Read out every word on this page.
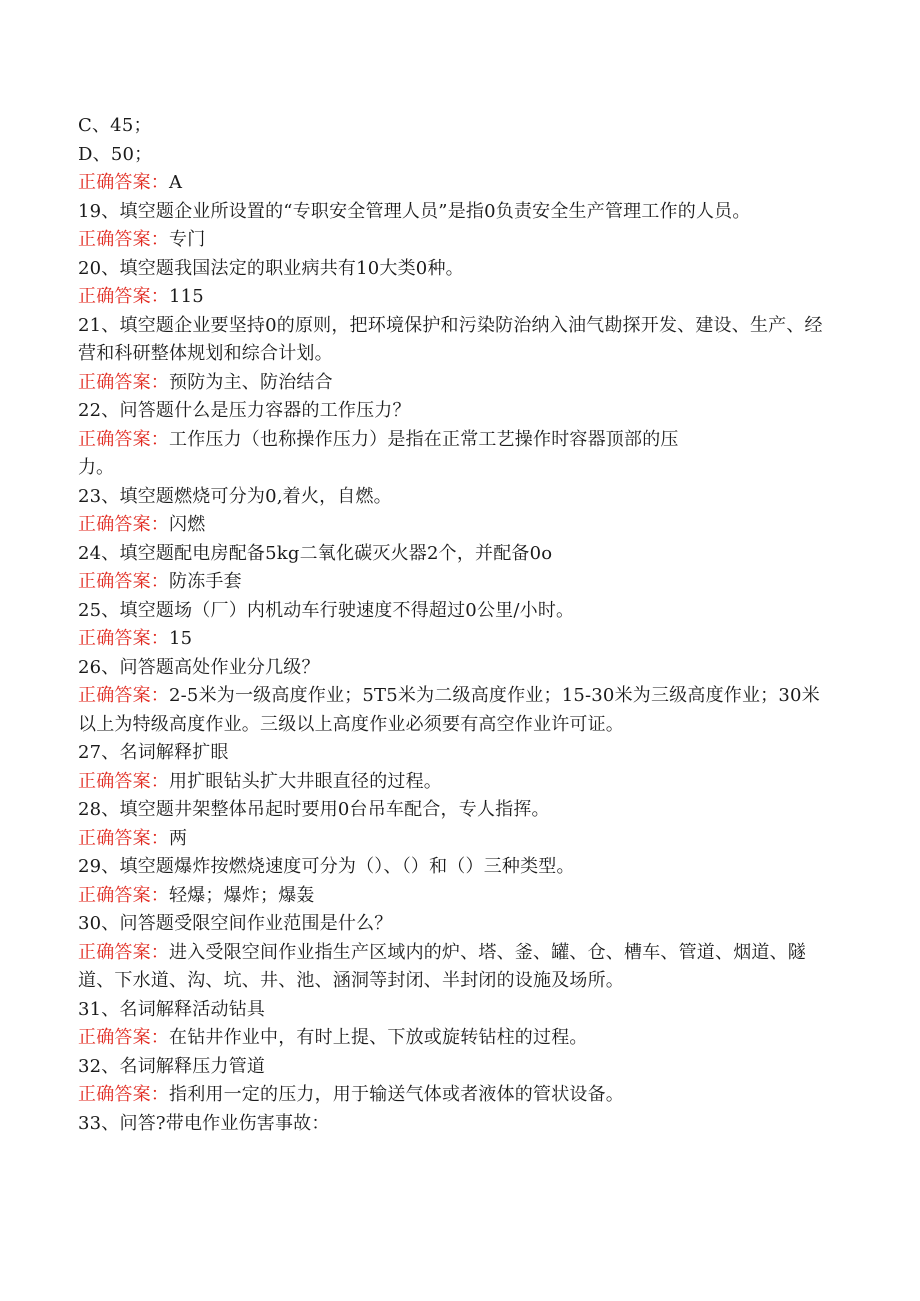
C、45；
D、50；
正确答案：A
19、填空题企业所设置的“专职安全管理人员”是指0负责安全生产管理工作的人员。
正确答案：专门
20、填空题我国法定的职业病共有10大类0种。
正确答案：115
21、填空题企业要坚持0的原则，把环境保护和污染防治纳入油气勘探开发、建设、生产、经营和科研整体规划和综合计划。
正确答案：预防为主、防治结合
22、问答题什么是压力容器的工作压力？
正确答案：工作压力（也称操作压力）是指在正常工艺操作时容器顶部的压
力。
23、填空题燃烧可分为0,着火，自燃。
正确答案：闪燃
24、填空题配电房配备5kg二氧化碳灭火器2个，并配备0o
正确答案：防冻手套
25、填空题场（厂）内机动车行驶速度不得超过0公里/小时。
正确答案：15
26、问答题高处作业分几级？
正确答案：2-5米为一级高度作业；5T5米为二级高度作业；15-30米为三级高度作业；30米以上为特级高度作业。三级以上高度作业必须要有高空作业许可证。
27、名词解释扩眼
正确答案：用扩眼钻头扩大井眼直径的过程。
28、填空题井架整体吊起时要用0台吊车配合，专人指挥。
正确答案：两
29、填空题爆炸按燃烧速度可分为（）、（）和（）三种类型。
正确答案：轻爆；爆炸；爆轰
30、问答题受限空间作业范围是什么？
正确答案：进入受限空间作业指生产区域内的炉、塔、釜、罐、仓、槽车、管道、烟道、隧道、下水道、沟、坑、井、池、涵洞等封闭、半封闭的设施及场所。
31、名词解释活动钻具
正确答案：在钻井作业中，有时上提、下放或旋转钻柱的过程。
32、名词解释压力管道
正确答案：指利用一定的压力，用于输送气体或者液体的管状设备。
33、问答?带电作业伤害事故：
